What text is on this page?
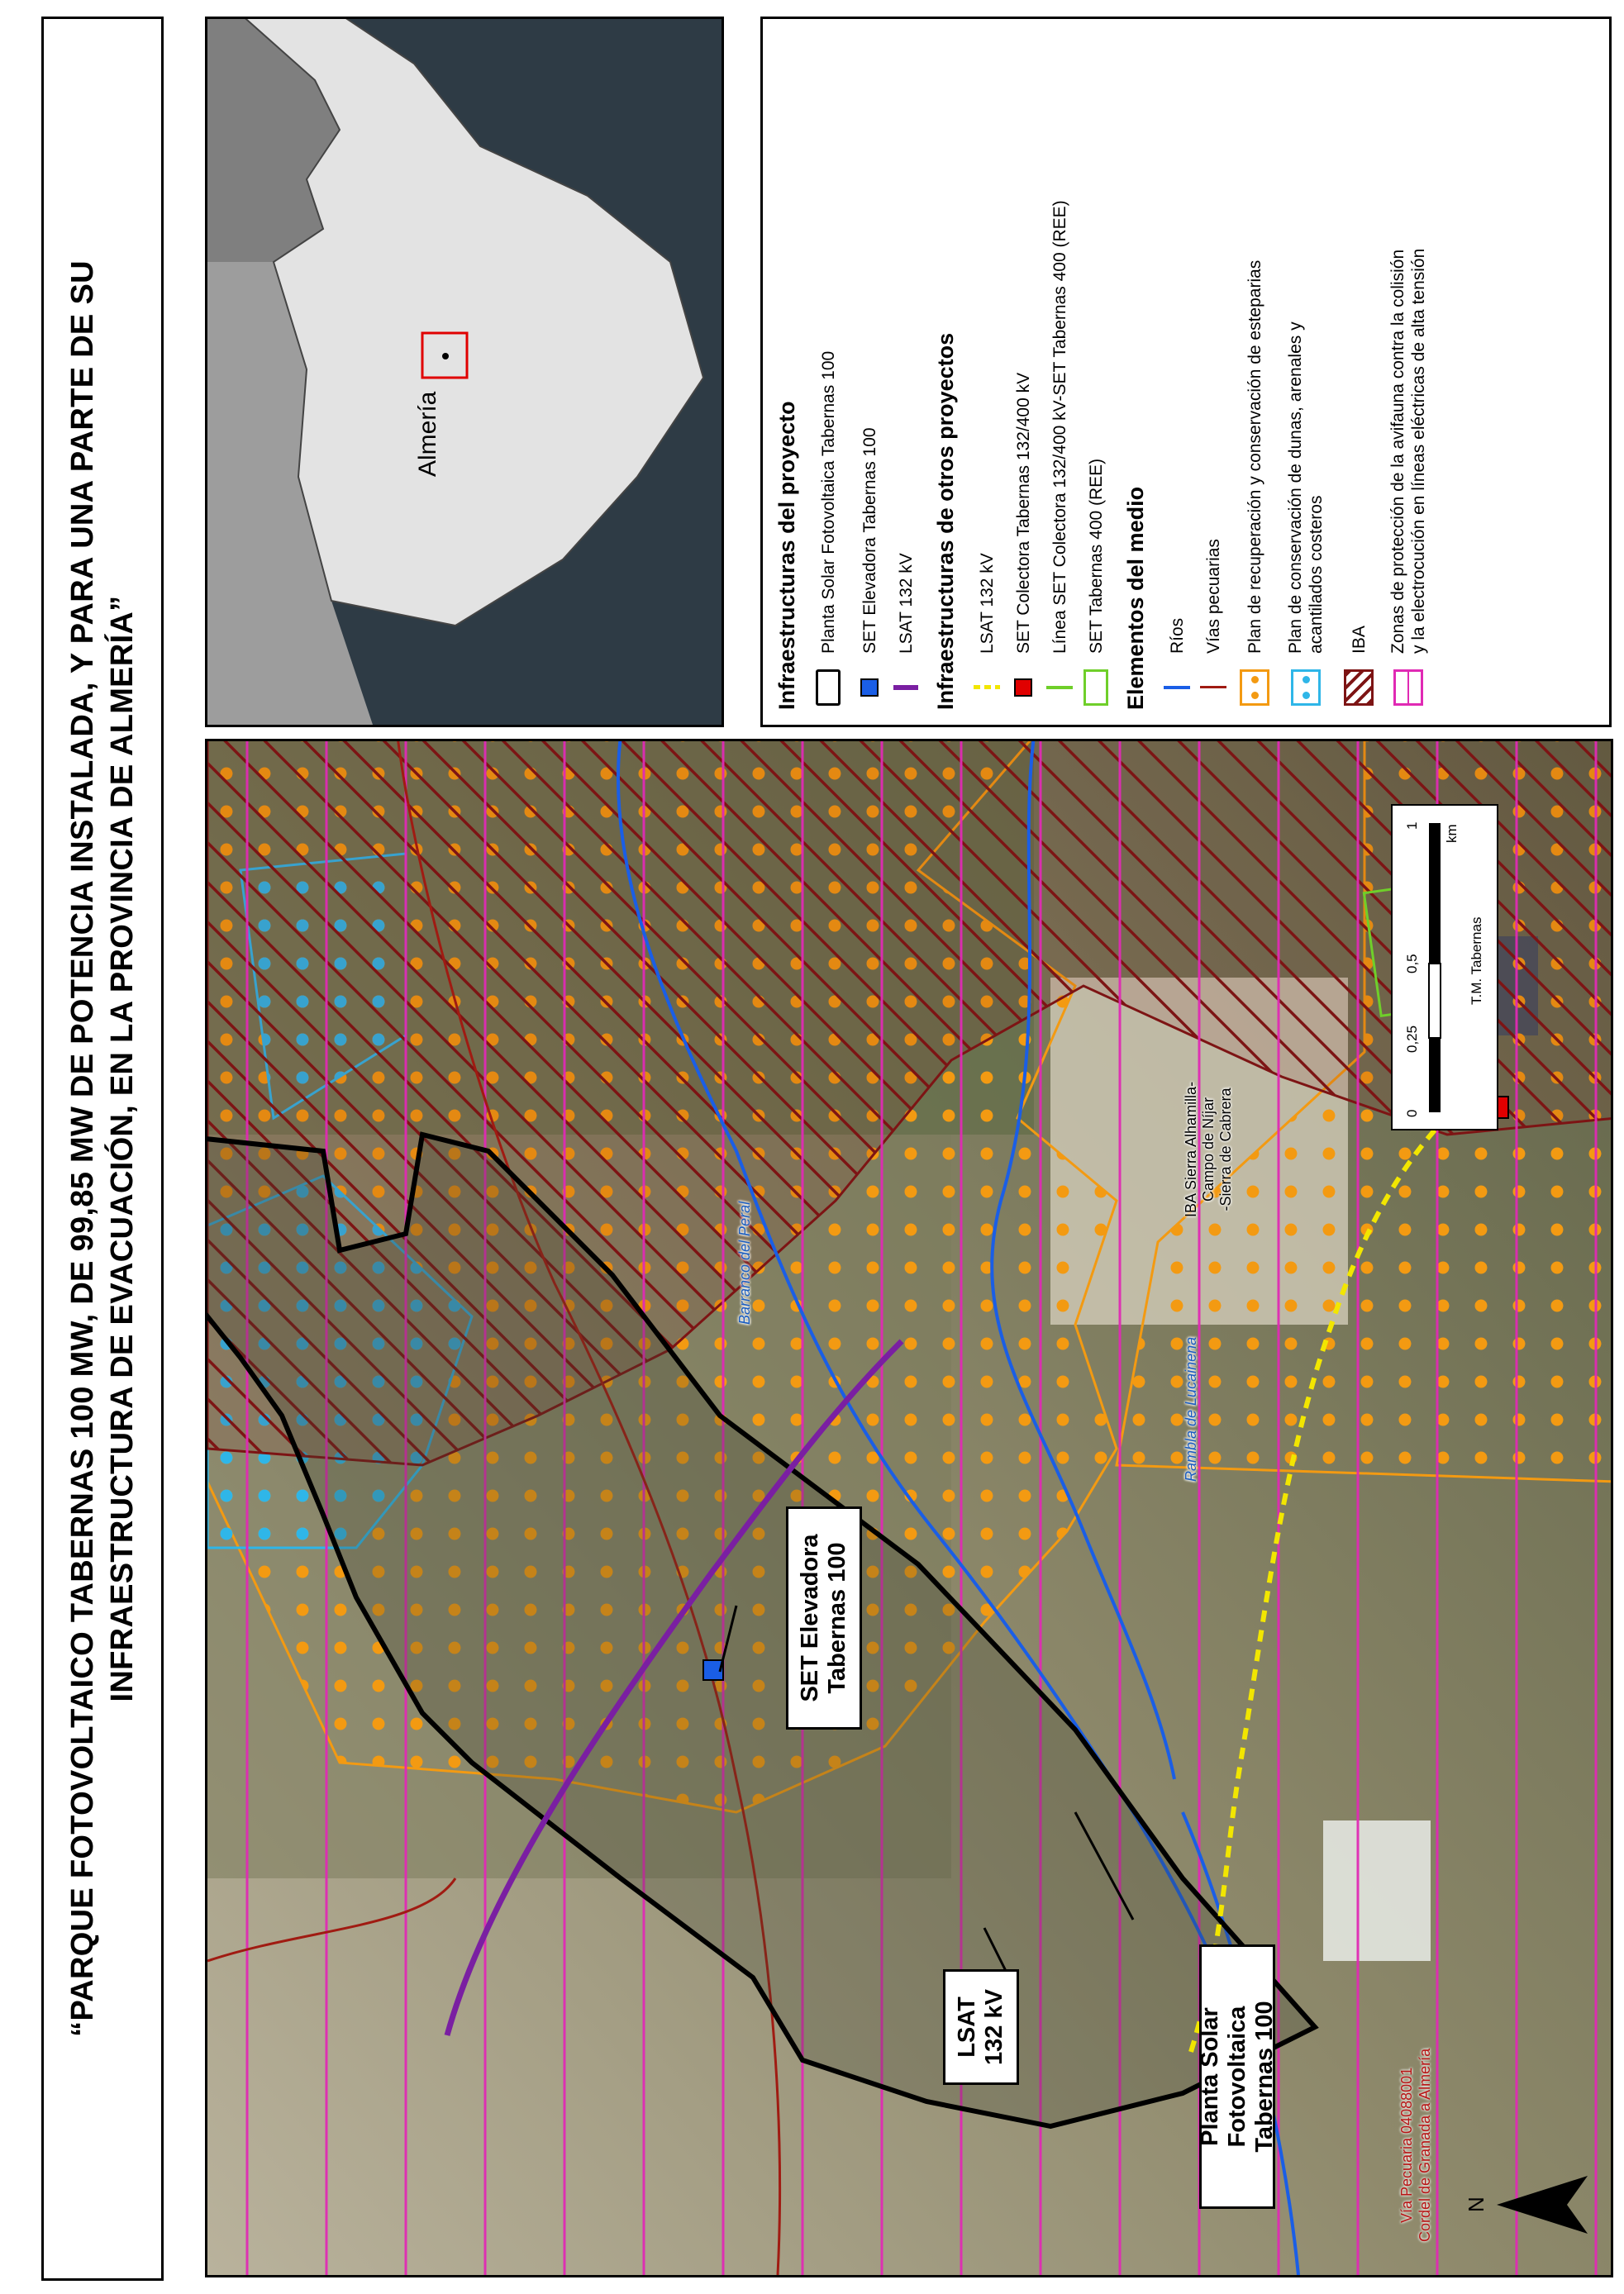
“PARQUE FOTOVOLTAICO TABERNAS 100 MW, DE 99,85 MW DE POTENCIA INSTALADA, Y PARA UNA PARTE DE SU INFRAESTRUCTURA DE EVACUACIÓN, EN LA PROVINCIA DE ALMERÍA”
Planta Solar Fotovoltaica Tabernas 100
SET Elevadora Tabernas 100
LSAT 132 kV
Vía Pecuaria 04088001 Cordel de Granada a Almería
Barranco del Peral
Rambla de Lucainena
IBA Sierra Alhamilla- Campo de Níjar -Sierra de Cabrera	0
0,25
0,5
1 km
T.M. Tabernas
N
Almería	Infraestructuras del proyecto Planta Solar Fotovoltaica Tabernas 100 SET Elevadora Tabernas 100 LSAT 132 kV Infraestructuras de otros proyectos LSAT 132 kV SET Colectora Tabernas 132/400 kV Línea SET Colectora 132/400 kV-SET Tabernas 400 (REE) SET Tabernas 400 (REE) Elementos del medio Ríos Vías pecuarias Plan de recuperación y conservación de esteparias Plan de conservación de dunas, arenales y acantilados costeros IBA Zonas de protección de la avifauna contra la colisión y la electrocución en líneas eléctricas de alta tensión
